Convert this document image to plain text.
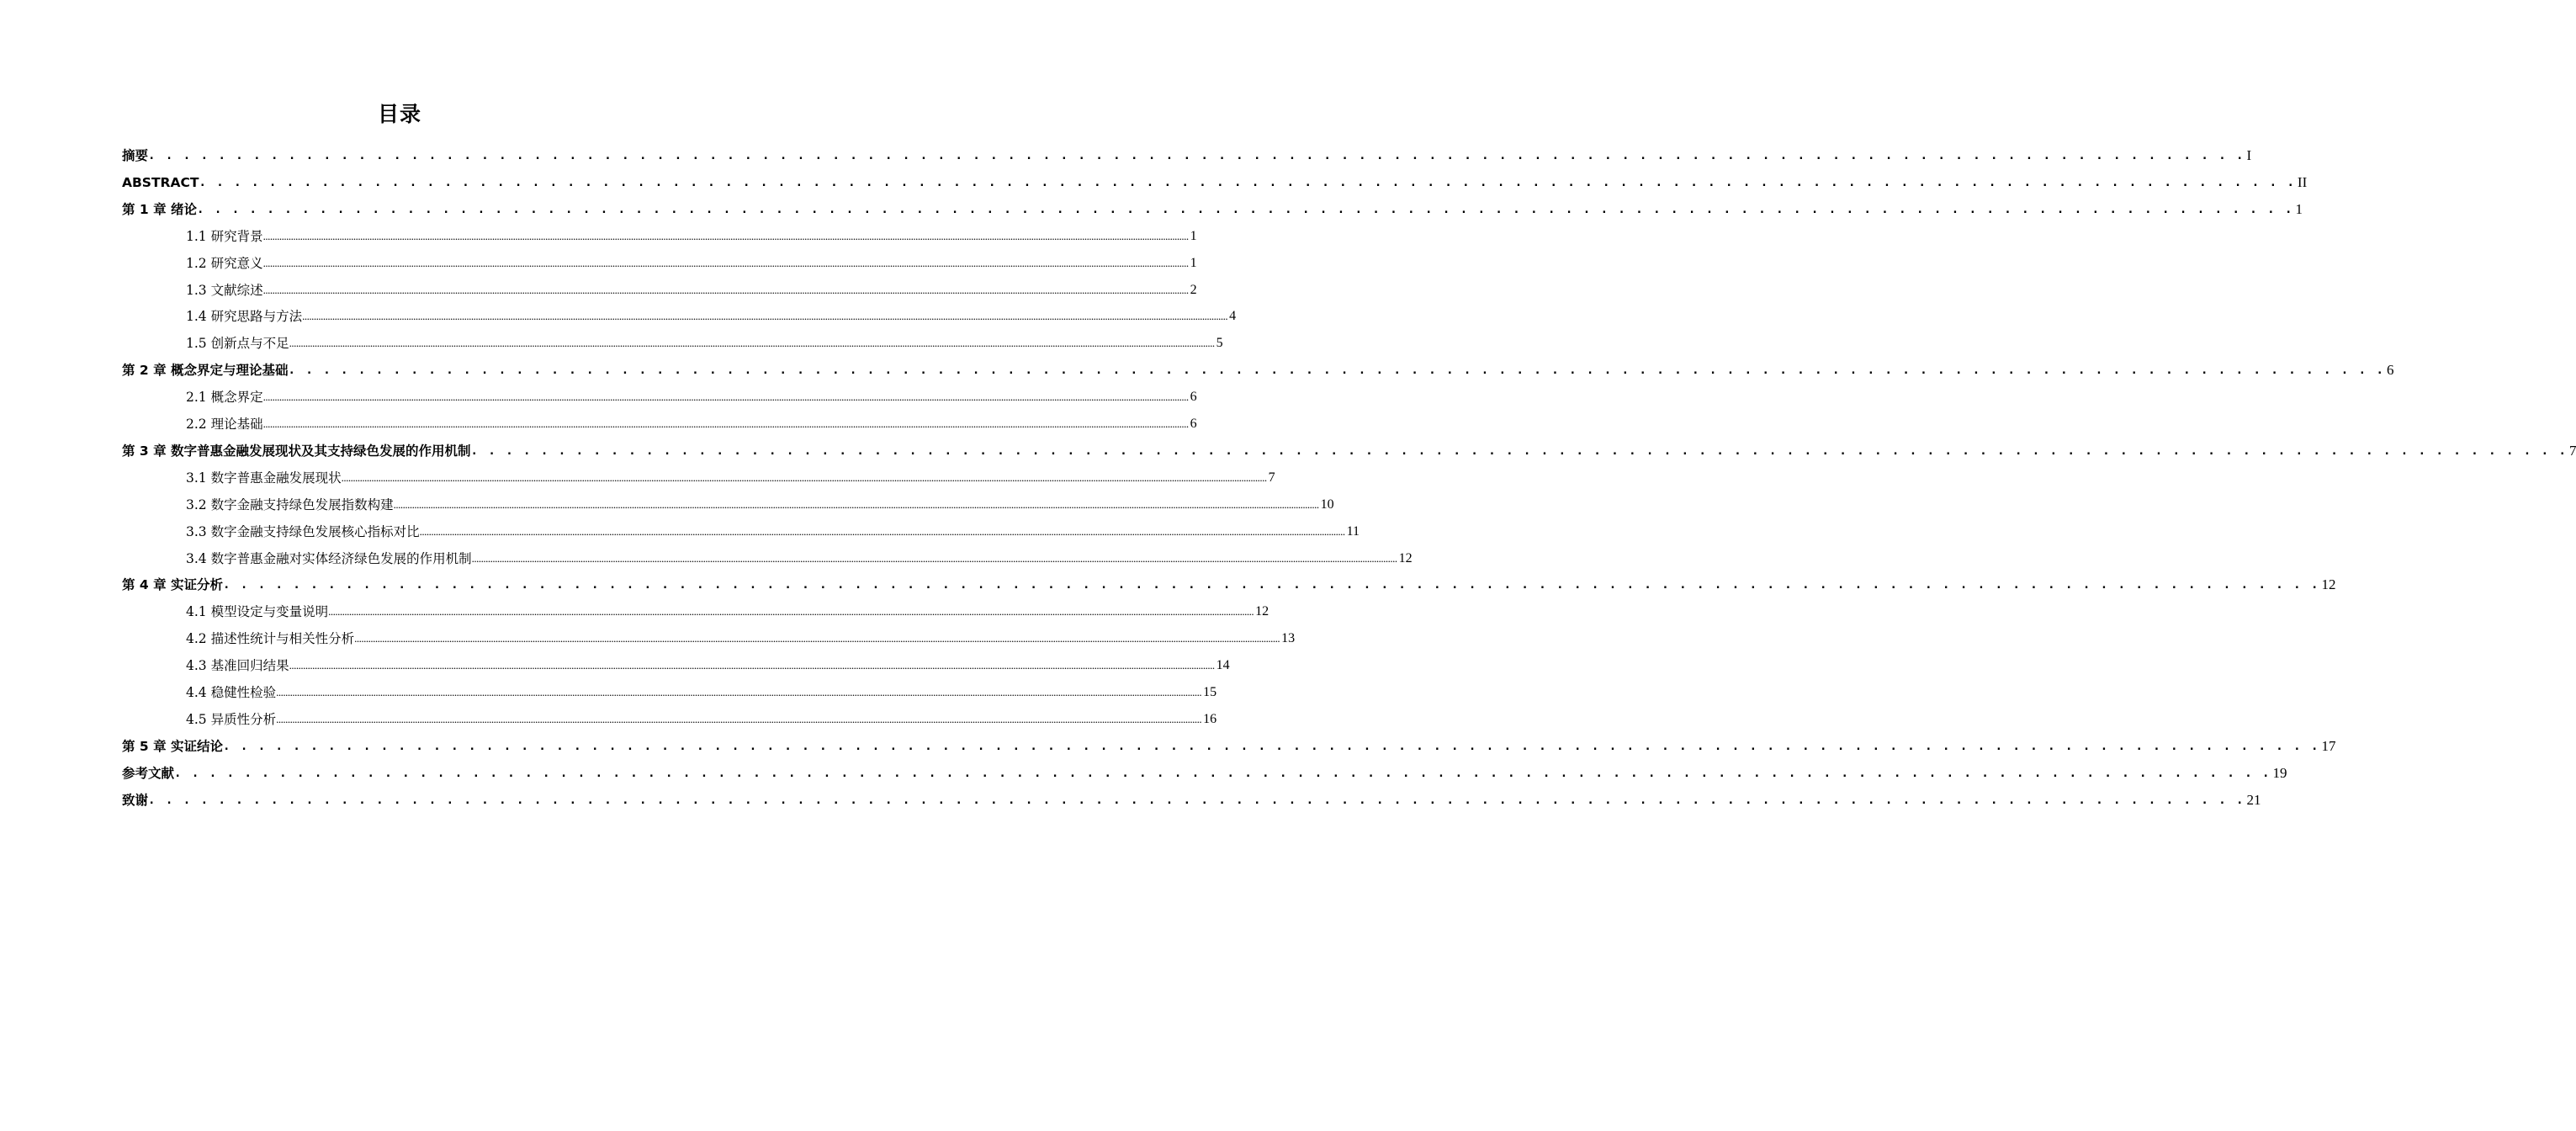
目录
摘要 . . . . . . . . . . . . . . . . . . . . . . . . . . . . . . . . . . . . . . . . . . . . . . . . . . . . . . . . . . . . . . . . . . . . . . . . . . . . . . . . . . . . . . . . . . . . . . . . . . . . . . . . . . . . . . . . . . . . . . . . I
ABSTRACT . . . . . . . . . . . . . . . . . . . . . . . . . . . . . . . . . . . . . . . . . . . . . . . . . . . . . . . . . . . . . . . . . . . . . . . . . . . . . . . . . . . . . . . . . . . . . . . . . . . . . . . . . . . . . . . . . . . . . . . . II
第 1 章 绪论 . . . . . . . . . . . . . . . . . . . . . . . . . . . . . . . . . . . . . . . . . . . . . . . . . . . . . . . . . . . . . . . . . . . . . . . . . . . . . . . . . . . . . . . . . . . . . . . . . . . . . . . . . . . . . . . . . . . . . . . . 1
1.1 研究背景 ................................................................................................................................................................................................................................................................................................................................................................................................................ 1
1.2 研究意义 ................................................................................................................................................................................................................................................................................................................................................................................................................ 1
1.3 文献综述 ................................................................................................................................................................................................................................................................................................................................................................................................................ 2
1.4 研究思路与方法 ................................................................................................................................................................................................................................................................................................................................................................................................................ 4
1.5 创新点与不足 ................................................................................................................................................................................................................................................................................................................................................................................................................ 5
第 2 章 概念界定与理论基础 . . . . . . . . . . . . . . . . . . . . . . . . . . . . . . . . . . . . . . . . . . . . . . . . . . . . . . . . . . . . . . . . . . . . . . . . . . . . . . . . . . . . . . . . . . . . . . . . . . . . . . . . . . . . . . . . . . . . . . . . 6
2.1 概念界定 ................................................................................................................................................................................................................................................................................................................................................................................................................ 6
2.2 理论基础 ................................................................................................................................................................................................................................................................................................................................................................................................................ 6
第 3 章 数字普惠金融发展现状及其支持绿色发展的作用机制 . . . . . . . . . . . . . . . . . . . . . . . . . . . . . . . . . . . . . . . . . . . . . . . . . . . . . . . . . . . . . . . . . . . . . . . . . . . . . . . . . . . . . . . . . . . . . . . . . . . . . . . . . . . . . . . . . . . . . . . . 7
3.1 数字普惠金融发展现状 ................................................................................................................................................................................................................................................................................................................................................................................................................ 7
3.2 数字金融支持绿色发展指数构建 ................................................................................................................................................................................................................................................................................................................................................................................................................ 10
3.3 数字金融支持绿色发展核心指标对比 ................................................................................................................................................................................................................................................................................................................................................................................................................ 11
3.4 数字普惠金融对实体经济绿色发展的作用机制 ................................................................................................................................................................................................................................................................................................................................................................................................................ 12
第 4 章 实证分析 . . . . . . . . . . . . . . . . . . . . . . . . . . . . . . . . . . . . . . . . . . . . . . . . . . . . . . . . . . . . . . . . . . . . . . . . . . . . . . . . . . . . . . . . . . . . . . . . . . . . . . . . . . . . . . . . . . . . . . . . 12
4.1 模型设定与变量说明 ................................................................................................................................................................................................................................................................................................................................................................................................................ 12
4.2 描述性统计与相关性分析 ................................................................................................................................................................................................................................................................................................................................................................................................................ 13
4.3 基准回归结果 ................................................................................................................................................................................................................................................................................................................................................................................................................ 14
4.4 稳健性检验 ................................................................................................................................................................................................................................................................................................................................................................................................................ 15
4.5 异质性分析 ................................................................................................................................................................................................................................................................................................................................................................................................................ 16
第 5 章 实证结论 . . . . . . . . . . . . . . . . . . . . . . . . . . . . . . . . . . . . . . . . . . . . . . . . . . . . . . . . . . . . . . . . . . . . . . . . . . . . . . . . . . . . . . . . . . . . . . . . . . . . . . . . . . . . . . . . . . . . . . . . 17
参考文献 . . . . . . . . . . . . . . . . . . . . . . . . . . . . . . . . . . . . . . . . . . . . . . . . . . . . . . . . . . . . . . . . . . . . . . . . . . . . . . . . . . . . . . . . . . . . . . . . . . . . . . . . . . . . . . . . . . . . . . . . 19
致谢 . . . . . . . . . . . . . . . . . . . . . . . . . . . . . . . . . . . . . . . . . . . . . . . . . . . . . . . . . . . . . . . . . . . . . . . . . . . . . . . . . . . . . . . . . . . . . . . . . . . . . . . . . . . . . . . . . . . . . . . . 21
